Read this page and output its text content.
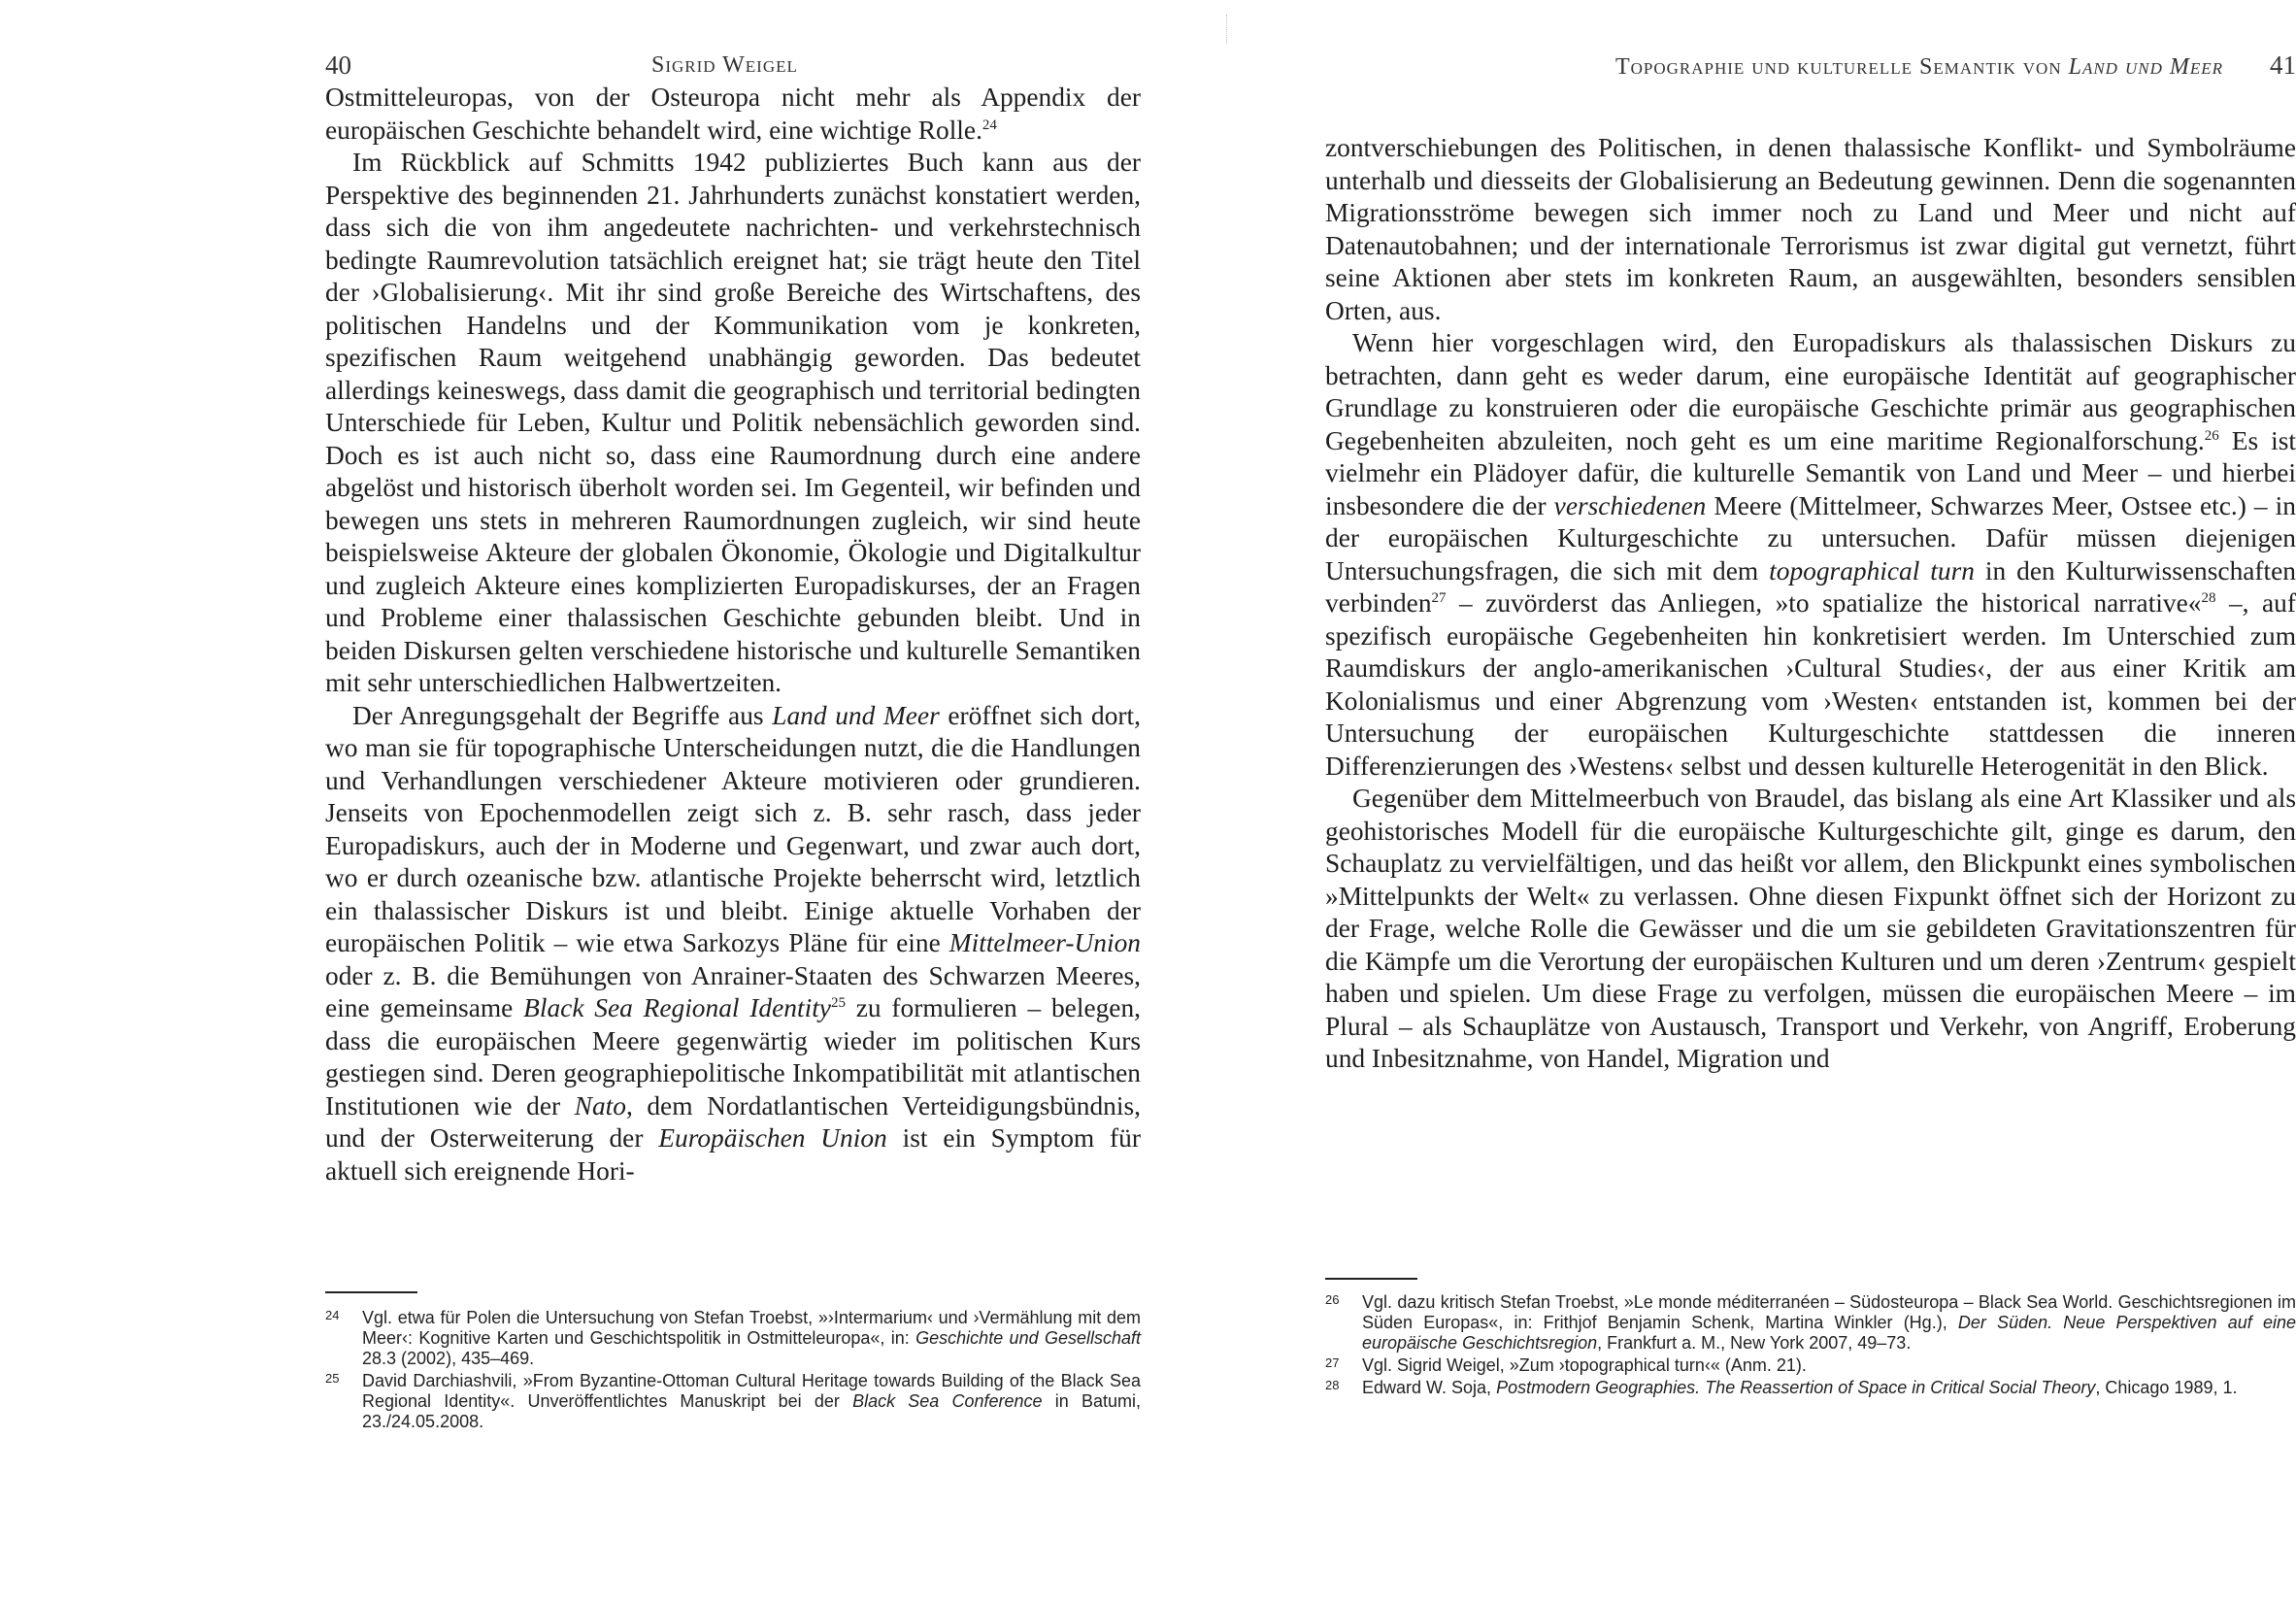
40	Sigrid Weigel

Ostmitteleuropas, von der Osteuropa nicht mehr als Appendix der europäischen Geschichte behandelt wird, eine wichtige Rolle.$^{24}$

Im Rückblick auf Schmitts 1942 publiziertes Buch kann aus der Perspektive des beginnenden 21. Jahrhunderts zunächst konstatiert werden, dass sich die von ihm angedeutete nachrichten- und verkehrstechnisch bedingte Raumrevolution tatsächlich ereignet hat; sie trägt heute den Titel der ›Globalisierung‹. Mit ihr sind große Bereiche des Wirtschaftens, des politischen Handelns und der Kommunikation vom je konkreten, spezifischen Raum weitgehend unabhängig geworden. Das bedeutet allerdings keineswegs, dass damit die geographisch und territorial bedingten Unterschiede für Leben, Kultur und Politik nebensächlich geworden sind. Doch es ist auch nicht so, dass eine Raumordnung durch eine andere abgelöst und historisch überholt worden sei. Im Gegenteil, wir befinden und bewegen uns stets in mehreren Raumordnungen zugleich, wir sind heute beispielsweise Akteure der globalen Ökonomie, Ökologie und Digitalkultur und zugleich Akteure eines komplizierten Europadiskurses, der an Fragen und Probleme einer thalassischen Geschichte gebunden bleibt. Und in beiden Diskursen gelten verschiedene historische und kulturelle Semantiken mit sehr unterschiedlichen Halbwertzeiten.

Der Anregungsgehalt der Begriffe aus Land und Meer eröffnet sich dort, wo man sie für topographische Unterscheidungen nutzt, die die Handlungen und Verhandlungen verschiedener Akteure motivieren oder grundieren. Jenseits von Epochenmodellen zeigt sich z. B. sehr rasch, dass jeder Europadiskurs, auch der in Moderne und Gegenwart, und zwar auch dort, wo er durch ozeanische bzw. atlantische Projekte beherrscht wird, letztlich ein thalassischer Diskurs ist und bleibt. Einige aktuelle Vorhaben der europäischen Politik – wie etwa Sarkozys Pläne für eine Mittelmeer-Union oder z. B. die Bemühungen von Anrainer-Staaten des Schwarzen Meeres, eine gemeinsame Black Sea Regional Identity$^{25}$ zu formulieren – belegen, dass die europäischen Meere gegenwärtig wieder im politischen Kurs gestiegen sind. Deren geographiepolitische Inkompatibilität mit atlantischen Institutionen wie der Nato, dem Nordatlantischen Verteidigungsbündnis, und der Osterweiterung der Europäischen Union ist ein Symptom für aktuell sich ereignende Hori-

24 Vgl. etwa für Polen die Untersuchung von Stefan Troebst, »›Intermarium‹ und ›Vermählung mit dem Meer‹: Kognitive Karten und Geschichtspolitik in Ostmitteleuropa«, in: Geschichte und Gesellschaft 28.3 (2002), 435–469.
25 David Darchiashvili, »From Byzantine-Ottoman Cultural Heritage towards Building of the Black Sea Regional Identity«. Unveröffentlichtes Manuskript bei der Black Sea Conference in Batumi, 23./24.05.2008.
Topographie und kulturelle Semantik von Land und Meer 41

zontverschiebungen des Politischen, in denen thalassische Konflikt- und Symbolräume unterhalb und diesseits der Globalisierung an Bedeutung gewinnen. Denn die sogenannten Migrationsströme bewegen sich immer noch zu Land und Meer und nicht auf Datenautobahnen; und der internationale Terrorismus ist zwar digital gut vernetzt, führt seine Aktionen aber stets im konkreten Raum, an ausgewählten, besonders sensiblen Orten, aus.

Wenn hier vorgeschlagen wird, den Europadiskurs als thalassischen Diskurs zu betrachten, dann geht es weder darum, eine europäische Identität auf geographischer Grundlage zu konstruieren oder die europäische Geschichte primär aus geographischen Gegebenheiten abzuleiten, noch geht es um eine maritime Regionalforschung.$^{26}$ Es ist vielmehr ein Plädoyer dafür, die kulturelle Semantik von Land und Meer – und hierbei insbesondere die der verschiedenen Meere (Mittelmeer, Schwarzes Meer, Ostsee etc.) – in der europäischen Kulturgeschichte zu untersuchen. Dafür müssen diejenigen Untersuchungsfragen, die sich mit dem topographical turn in den Kulturwissenschaften verbinden$^{27}$ – zuvörderst das Anliegen, »to spatialize the historical narrative«$^{28}$ –, auf spezifisch europäische Gegebenheiten hin konkretisiert werden. Im Unterschied zum Raumdiskurs der anglo-amerikanischen ›Cultural Studies‹, der aus einer Kritik am Kolonialismus und einer Abgrenzung vom ›Westen‹ entstanden ist, kommen bei der Untersuchung der europäischen Kulturgeschichte stattdessen die inneren Differenzierungen des ›Westens‹ selbst und dessen kulturelle Heterogenität in den Blick.

Gegenüber dem Mittelmeerbuch von Braudel, das bislang als eine Art Klassiker und als geohistorisches Modell für die europäische Kulturgeschichte gilt, ginge es darum, den Schauplatz zu vervielfältigen, und das heißt vor allem, den Blickpunkt eines symbolischen »Mittelpunkts der Welt« zu verlassen. Ohne diesen Fixpunkt öffnet sich der Horizont zu der Frage, welche Rolle die Gewässer und die um sie gebildeten Gravitationszentren für die Kämpfe um die Verortung der europäischen Kulturen und um deren ›Zentrum‹ gespielt haben und spielen. Um diese Frage zu verfolgen, müssen die europäischen Meere – im Plural – als Schauplätze von Austausch, Transport und Verkehr, von Angriff, Eroberung und Inbesitznahme, von Handel, Migration und

26 Vgl. dazu kritisch Stefan Troebst, »Le monde méditerranéen – Südosteuropa – Black Sea World. Geschichtsregionen im Süden Europas«, in: Frithjof Benjamin Schenk, Martina Winkler (Hg.), Der Süden. Neue Perspektiven auf eine europäische Geschichtsregion, Frankfurt a. M., New York 2007, 49–73.
27 Vgl. Sigrid Weigel, »Zum ›topographical turn‹« (Anm. 21).
28 Edward W. Soja, Postmodern Geographies. The Reassertion of Space in Critical Social Theory, Chicago 1989, 1.
